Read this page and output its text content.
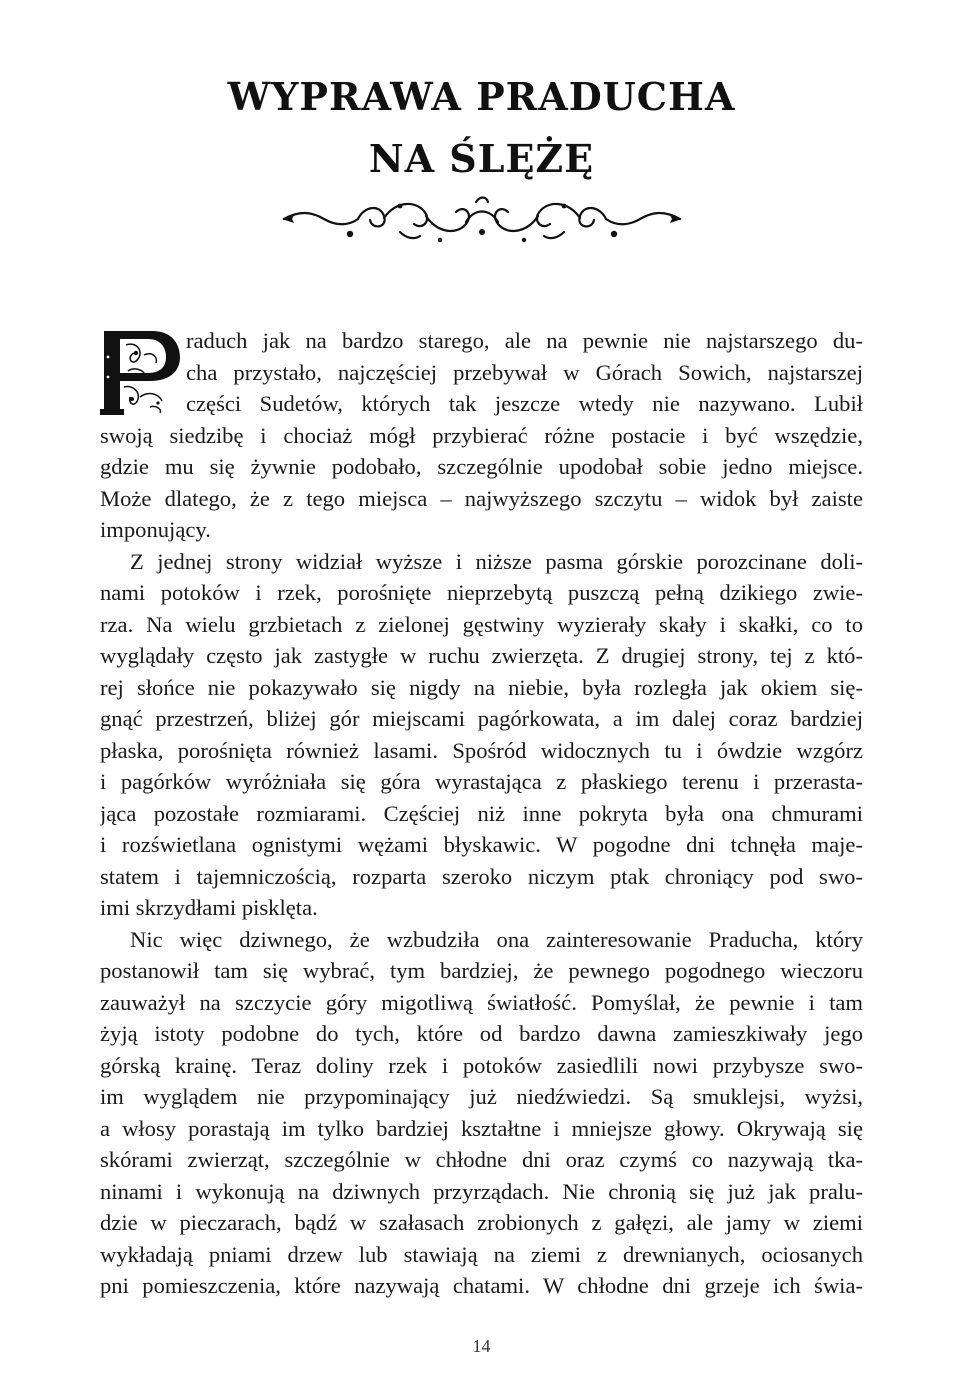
WYPRAWA PRADUCHA
NA ŚLĘŻĘ
raduch jak na bardzo starego, ale na pewnie nie najstarszego du-
cha przystało, najczęściej przebywał w Górach Sowich, najstarszej
części Sudetów, których tak jeszcze wtedy nie nazywano. Lubił
swoją siedzibę i chociaż mógł przybierać różne postacie i być wszędzie,
gdzie mu się żywnie podobało, szczególnie upodobał sobie jedno miejsce.
Może dlatego, że z tego miejsca – najwyższego szczytu – widok był zaiste
imponujący.
Z jednej strony widział wyższe i niższe pasma górskie porozcinane doli-
nami potoków i rzek, porośnięte nieprzebytą puszczą pełną dzikiego zwie-
rza. Na wielu grzbietach z zielonej gęstwiny wyzierały skały i skałki, co to
wyglądały często jak zastygłe w ruchu zwierzęta. Z drugiej strony, tej z któ-
rej słońce nie pokazywało się nigdy na niebie, była rozległa jak okiem się-
gnąć przestrzeń, bliżej gór miejscami pagórkowata, a im dalej coraz bardziej
płaska, porośnięta również lasami. Spośród widocznych tu i ówdzie wzgórz
i pagórków wyróżniała się góra wyrastająca z płaskiego terenu i przerasta-
jąca pozostałe rozmiarami. Częściej niż inne pokryta była ona chmurami
i rozświetlana ognistymi wężami błyskawic. W pogodne dni tchnęła maje-
statem i tajemniczością, rozparta szeroko niczym ptak chroniący pod swo-
imi skrzydłami pisklęta.
Nic więc dziwnego, że wzbudziła ona zainteresowanie Praducha, który
postanowił tam się wybrać, tym bardziej, że pewnego pogodnego wieczoru
zauważył na szczycie góry migotliwą światłość. Pomyślał, że pewnie i tam
żyją istoty podobne do tych, które od bardzo dawna zamieszkiwały jego
górską krainę. Teraz doliny rzek i potoków zasiedlili nowi przybysze swo-
im wyglądem nie przypominający już niedźwiedzi. Są smuklejsi, wyżsi,
a włosy porastają im tylko bardziej kształtne i mniejsze głowy. Okrywają się
skórami zwierząt, szczególnie w chłodne dni oraz czymś co nazywają tka-
ninami i wykonują na dziwnych przyrządach. Nie chronią się już jak pralu-
dzie w pieczarach, bądź w szałasach zrobionych z gałęzi, ale jamy w ziemi
wykładają pniami drzew lub stawiają na ziemi z drewnianych, ociosanych
pni pomieszczenia, które nazywają chatami. W chłodne dni grzeje ich świa-
14
